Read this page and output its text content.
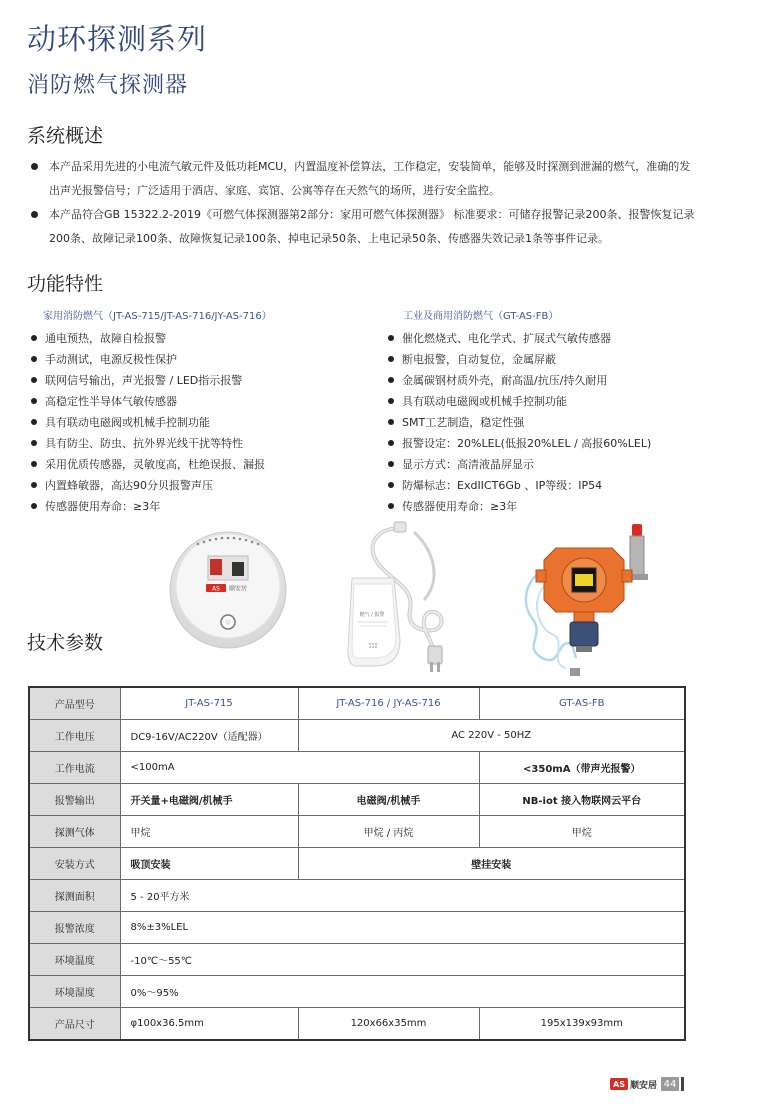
动环探测系列
消防燃气探测器
系统概述
本产品采用先进的小电流气敏元件及低功耗MCU，内置温度补偿算法，工作稳定，安装简单，能够及时探测到泄漏的燃气，准确的发
出声光报警信号；广泛适用于酒店、家庭、宾馆、公寓等存在天然气的场所，进行安全监控。
本产品符合GB 15322.2-2019《可燃气体探测器第2部分：家用可燃气体探测器》 标准要求：可储存报警记录200条、报警恢复记录
200条、故障记录100条、故障恢复记录100条、掉电记录50条、上电记录50条、传感器失效记录1条等事件记录。
功能特性
家用消防燃气（JT-AS-715/JT-AS-716/JY-AS-716）	工业及商用消防燃气（GT-AS-FB）
通电预热，故障自检报警
手动测试，电源反极性保护
联网信号输出，声光报警 / LED指示报警
高稳定性半导体气敏传感器
具有联动电磁阀或机械手控制功能
具有防尘、防虫、抗外界光线干扰等特性
采用优质传感器，灵敏度高，杜绝误报、漏报
内置蜂敏器，高达90分贝报警声压
传感器使用寿命：≥3年
催化燃烧式、电化学式、扩展式气敏传感器
断电报警，自动复位，金属屏蔽
金属碳钢材质外壳，耐高温/抗压/持久耐用
具有联动电磁阀或机械手控制功能
SMT工艺制造，稳定性强
报警设定：20%LEL(低报20%LEL / 高报60%LEL)
显示方式：高清液晶屏显示
防爆标志：ExdIICT6Gb 、IP等级：IP54
传感器使用寿命：≥3年
AS 顺安居
燃气 / 报警
技术参数
产品型号	JT-AS-715	JT-AS-716 / JY-AS-716	GT-AS-FB
工作电压	DC9-16V/AC220V（适配器）	AC 220V - 50HZ	
工作电流	<100mA		<350mA（带声光报警）
报警输出	开关量+电磁阀/机械手	电磁阀/机械手	NB-iot 接入物联网云平台
探测气体	甲烷	甲烷 / 丙烷	甲烷
安装方式	吸顶安装	壁挂安装	
探测面积	5 - 20平方米		
报警浓度	8%±3%LEL		
环境温度	-10℃～55℃		
环境湿度	0%～95%		
产品尺寸	φ100x36.5mm	120x66x35mm	195x139x93mm
AS 顺安居 44
